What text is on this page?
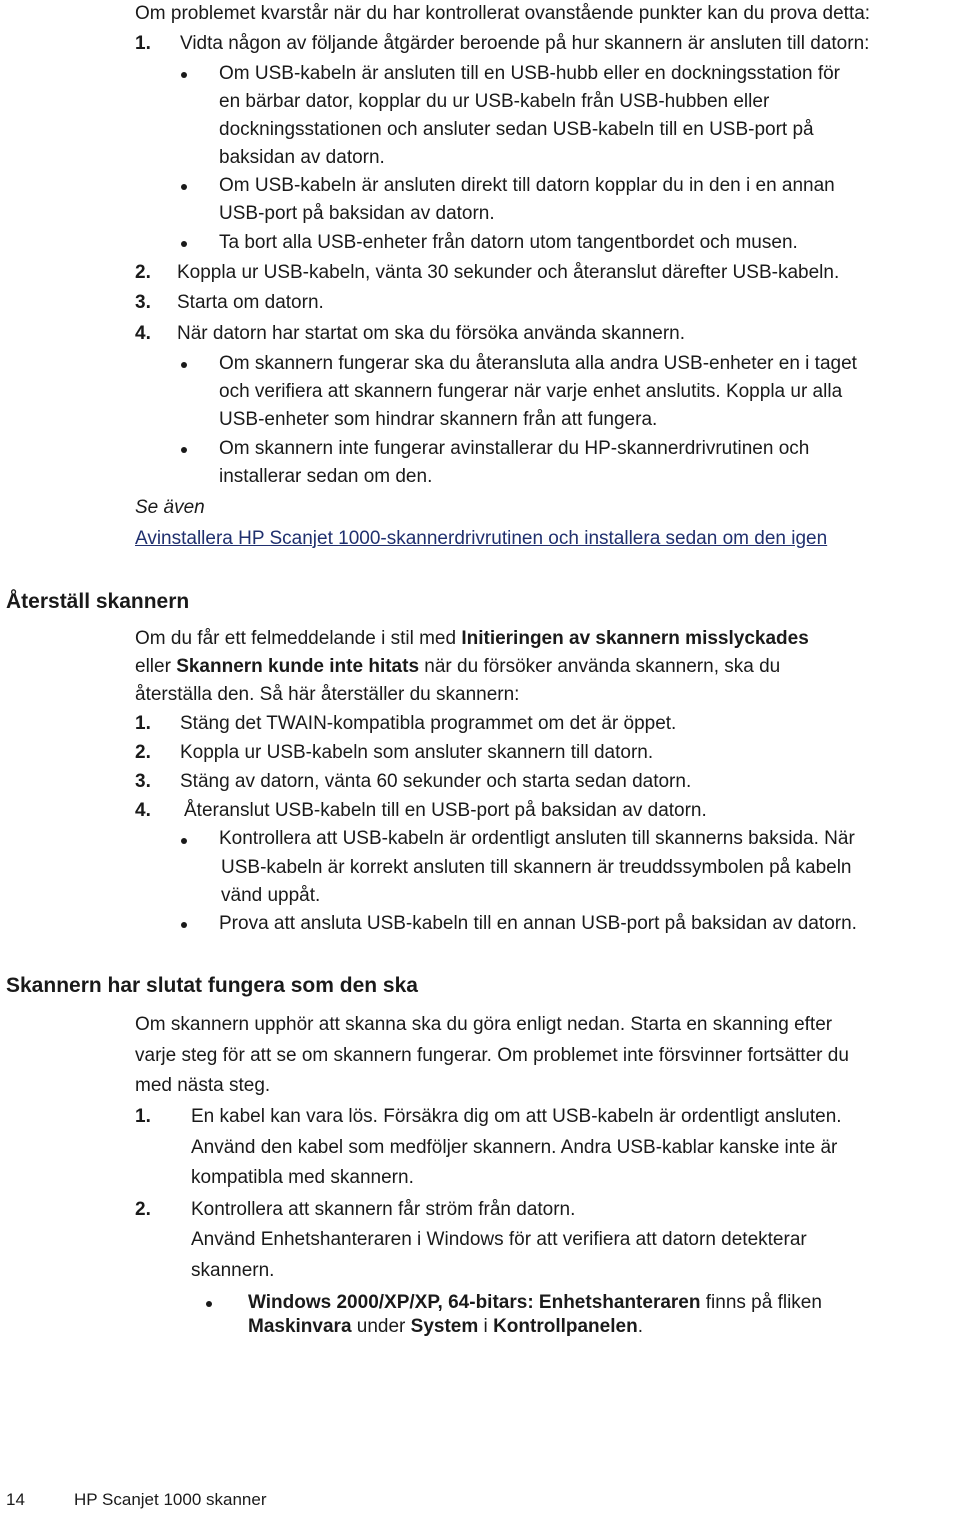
Om problemet kvarstår när du har kontrollerat ovanstående punkter kan du prova detta:
1. Vidta någon av följande åtgärder beroende på hur skannern är ansluten till datorn:
Om USB-kabeln är ansluten till en USB-hubb eller en dockningsstation för
en bärbar dator, kopplar du ur USB-kabeln från USB-hubben eller
dockningsstationen och ansluter sedan USB-kabeln till en USB-port på
baksidan av datorn.
Om USB-kabeln är ansluten direkt till datorn kopplar du in den i en annan
USB-port på baksidan av datorn.
Ta bort alla USB-enheter från datorn utom tangentbordet och musen.
2. Koppla ur USB-kabeln, vänta 30 sekunder och återanslut därefter USB-kabeln.
3. Starta om datorn.
4. När datorn har startat om ska du försöka använda skannern.
Om skannern fungerar ska du återansluta alla andra USB-enheter en i taget
och verifiera att skannern fungerar när varje enhet anslutits. Koppla ur alla
USB-enheter som hindrar skannern från att fungera.
Om skannern inte fungerar avinstallerar du HP-skannerdrivrutinen och
installerar sedan om den.
Se även
Avinstallera HP Scanjet 1000-skannerdrivrutinen och installera sedan om den igen
Återställ skannern
Om du får ett felmeddelande i stil med Initieringen av skannern misslyckades
eller Skannern kunde inte hitats när du försöker använda skannern, ska du
återställa den. Så här återställer du skannern:
1. Stäng det TWAIN-kompatibla programmet om det är öppet.
2. Koppla ur USB-kabeln som ansluter skannern till datorn.
3. Stäng av datorn, vänta 60 sekunder och starta sedan datorn.
4. Återanslut USB-kabeln till en USB-port på baksidan av datorn.
Kontrollera att USB-kabeln är ordentligt ansluten till skannerns baksida. När
USB-kabeln är korrekt ansluten till skannern är treuddssymbolen på kabeln
vänd uppåt.
Prova att ansluta USB-kabeln till en annan USB-port på baksidan av datorn.
Skannern har slutat fungera som den ska
Om skannern upphör att skanna ska du göra enligt nedan. Starta en skanning efter
varje steg för att se om skannern fungerar. Om problemet inte försvinner fortsätter du
med nästa steg.
1. En kabel kan vara lös. Försäkra dig om att USB-kabeln är ordentligt ansluten.
Använd den kabel som medföljer skannern. Andra USB-kablar kanske inte är
kompatibla med skannern.
2. Kontrollera att skannern får ström från datorn.
Använd Enhetshanteraren i Windows för att verifiera att datorn detekterar
skannern.
Windows 2000/XP/XP, 64-bitars: Enhetshanteraren finns på fliken
Maskinvara under System i Kontrollpanelen.
14	HP Scanjet 1000 skanner
